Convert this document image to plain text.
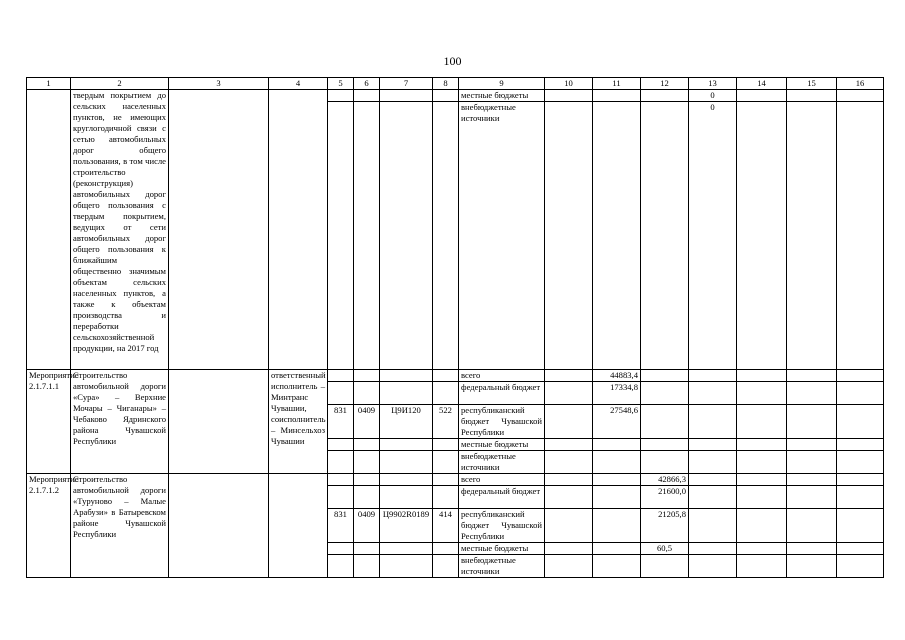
100
1	2	3	4	5	6	7	8	9	10	11	12	13	14	15	16
	твердым покрытием до сельских населенных пунктов, не имеющих круглогодичной связи с сетью автомобильных дорог общего пользования, в том числе строительство (реконструкция) автомобильных дорог общего пользования с твердым покрытием, ведущих от сети автомобильных дорог общего пользования к ближайшим общественно значимым объектам сельских населенных пунктов, а также к объектам производства и переработки сельскохозяйственной продукции, на 2017 год							местные бюджеты				0			
								внебюджетные источники				0			
Мероприятие 2.1.7.1.1	Строительство автомобильной дороги «Сура» – Верхние Мочары – Чиганары» – Чебаково Ядринского района Чувашской Республики		ответственный исполнитель – Минтранс Чувашии, соисполнитель – Минсельхоз Чувашии					всего		44883,4					
								федеральный бюджет		17334,8					
				831	0409	Ц9И120	522	республиканский бюджет Чувашской Республики		27548,6					
								местные бюджеты							
								внебюджетные источники							
Мероприятие 2.1.7.1.2	Строительство автомобильной дороги «Туруново – Малые Арабузи» в Батыревском районе Чувашской Республики							всего			42866,3				
								федеральный бюджет			21600,0				
				831	0409	Ц9902R0189	414	республиканский бюджет Чувашской Республики			21205,8				
								местные бюджеты			60,5				
								внебюджетные источники							
